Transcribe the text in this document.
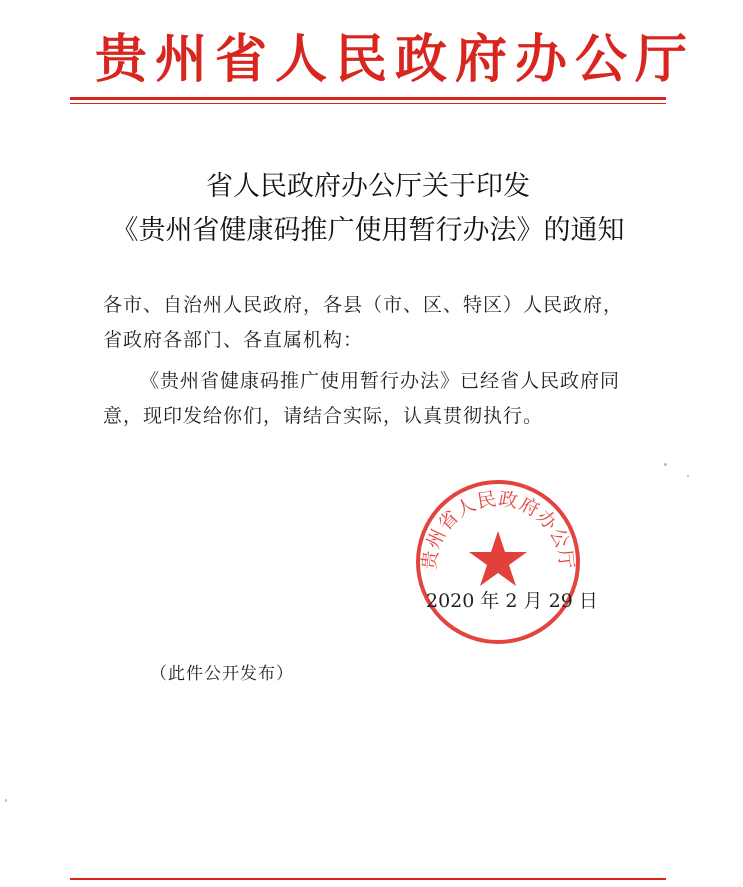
贵州省人民政府办公厅
省人民政府办公厅关于印发
《贵州省健康码推广使用暂行办法》的通知
各市、自治州人民政府，各县（市、区、特区）人民政府，
省政府各部门、各直属机构：
《贵州省健康码推广使用暂行办法》已经省人民政府同
意，现印发给你们，请结合实际，认真贯彻执行。
贵州省人民政府办公厅
2020 年 2 月 29 日
（此件公开发布）
